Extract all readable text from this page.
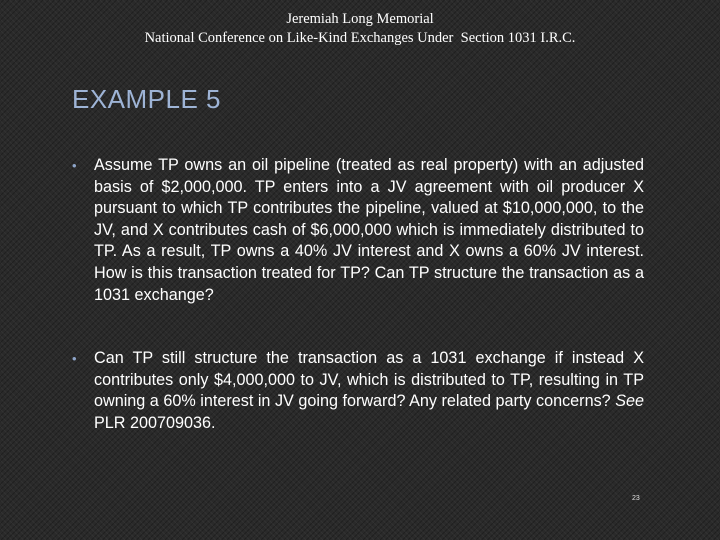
Jeremiah Long Memorial
National Conference on Like-Kind Exchanges Under  Section 1031 I.R.C.
EXAMPLE 5
• Assume TP owns an oil pipeline (treated as real property) with an adjusted basis of $2,000,000. TP enters into a JV agreement with oil producer X pursuant to which TP contributes the pipeline, valued at $10,000,000, to the JV, and X contributes cash of $6,000,000 which is immediately distributed to TP. As a result, TP owns a 40% JV interest and X owns a 60% JV interest. How is this transaction treated for TP? Can TP structure the transaction as a 1031 exchange?
• Can TP still structure the transaction as a 1031 exchange if instead X contributes only $4,000,000 to JV, which is distributed to TP, resulting in TP owning a 60% interest in JV going forward? Any related party concerns? See PLR 200709036.
23
